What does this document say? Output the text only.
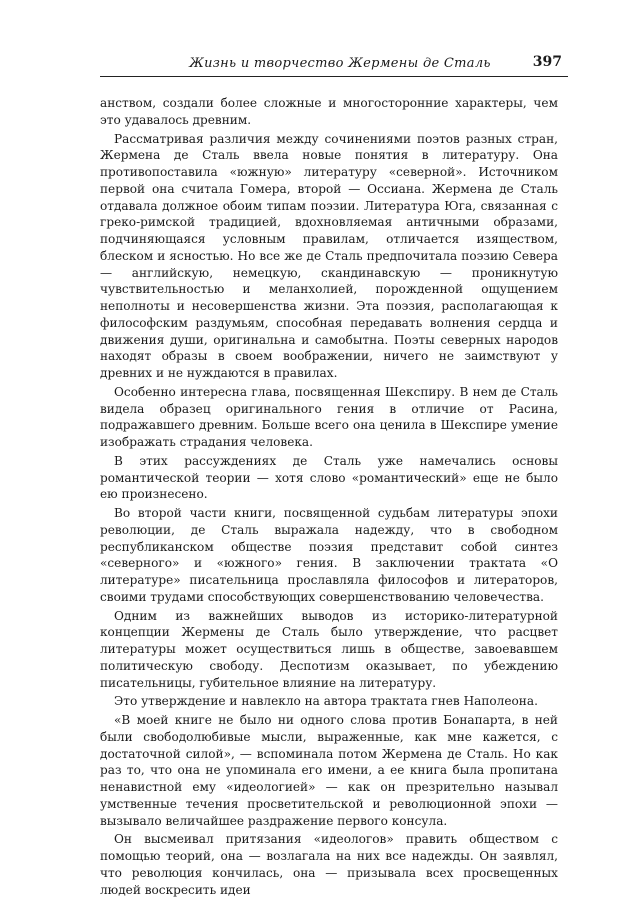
Жизнь и творчество Жермены де Сталь	397

анством, создали более сложные и многосторонние характеры, чем это удавалось древним.

Рассматривая различия между сочинениями поэтов разных стран, Жермена де Сталь ввела новые понятия в литературу. Она противопоставила «южную» литературу «северной». Источником первой она считала Гомера, второй — Оссиана. Жермена де Сталь отдавала должное обоим типам поэзии. Литература Юга, связанная с греко-римской традицией, вдохновляемая античными образами, подчиняющаяся условным правилам, отличается изяществом, блеском и ясностью. Но все же де Сталь предпочитала поэзию Севера — английскую, немецкую, скандинавскую — проникнутую чувствительностью и меланхолией, порожденной ощущением неполноты и несовершенства жизни. Эта поэзия, располагающая к философским раздумьям, способная передавать волнения сердца и движения души, оригинальна и самобытна. Поэты северных народов находят образы в своем воображении, ничего не заимствуют у древних и не нуждаются в правилах.

Особенно интересна глава, посвященная Шекспиру. В нем де Сталь видела образец оригинального гения в отличие от Расина, подражавшего древним. Больше всего она ценила в Шекспире умение изображать страдания человека.

В этих рассуждениях де Сталь уже намечались основы романтической теории — хотя слово «романтический» еще не было ею произнесено.

Во второй части книги, посвященной судьбам литературы эпохи революции, де Сталь выражала надежду, что в свободном республиканском обществе поэзия представит собой синтез «северного» и «южного» гения. В заключении трактата «О литературе» писательница прославляла философов и литераторов, своими трудами способствующих совершенствованию человечества.

Одним из важнейших выводов из историко-литературной концепции Жермены де Сталь было утверждение, что расцвет литературы может осуществиться лишь в обществе, завоевавшем политическую свободу. Деспотизм оказывает, по убеждению писательницы, губительное влияние на литературу.

Это утверждение и навлекло на автора трактата гнев Наполеона.

«В моей книге не было ни одного слова против Бонапарта, в ней были свободолюбивые мысли, выраженные, как мне кажется, с достаточной силой», — вспоминала потом Жермена де Сталь. Но как раз то, что она не упоминала его имени, а ее книга была пропитана ненавистной ему «идеологией» — как он презрительно называл умственные течения просветительской и революционной эпохи — вызывало величайшее раздражение первого консула.

Он высмеивал притязания «идеологов» править обществом с помощью теорий, она — возлагала на них все надежды. Он заявлял, что революция кончилась, она — призывала всех просвещенных людей воскресить идеи
